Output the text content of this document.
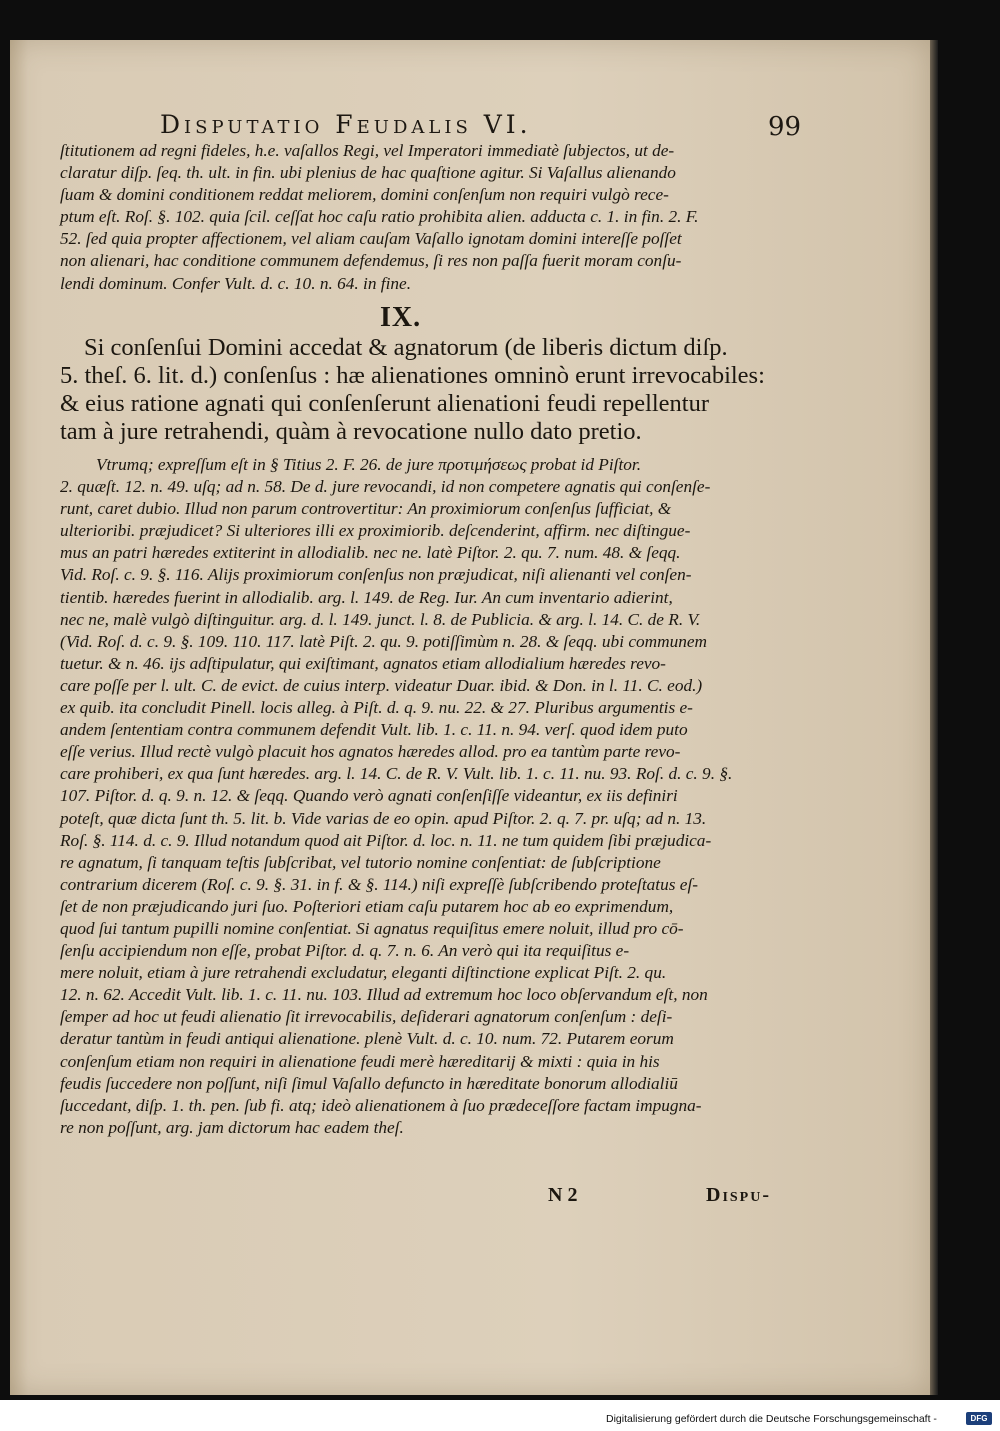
Disputatio Feudalis VI.	99
ſtitutionem ad regni fideles, h.e. vaſallos Regi, vel Imperatori immediatè ſubjectos, ut de-
claratur diſp. ſeq. th. ult. in fin. ubi plenius de hac quaſtione agitur. Si Vaſallus alienando
ſuam & domini conditionem reddat meliorem, domini conſenſum non requiri vulgò rece-
ptum eſt. Roſ. §. 102. quia ſcil. ceſſat hoc caſu ratio prohibita alien. adducta c. 1. in fin. 2. F.
52. ſed quia propter affectionem, vel aliam cauſam Vaſallo ignotam domini intereſſe poſſet
non alienari, hac conditione communem defendemus, ſi res non paſſa fuerit moram conſu-
lendi dominum. Confer Vult. d. c. 10. n. 64. in fine.
IX.
Si conſenſui Domini accedat & agnatorum (de liberis dictum diſp.
5. theſ. 6. lit. d.) conſenſus : hæ alienationes omninò erunt irrevocabiles:
& eius ratione agnati qui conſenſerunt alienationi feudi repellentur
tam à jure retrahendi, quàm à revocatione nullo dato pretio.
Vtrumq; expreſſum eſt in § Titius 2. F. 26. de jure προτιμήσεως probat id Piſtor.
2. quæſt. 12. n. 49. uſq; ad n. 58. De d. jure revocandi, id non competere agnatis qui conſenſe-
runt, caret dubio. Illud non parum controvertitur: An proximiorum conſenſus ſufficiat, &
ulterioribi. præjudicet? Si ulteriores illi ex proximiorib. deſcenderint, affirm. nec diſtingue-
mus an patri hæredes extiterint in allodialib. nec ne. latè Piſtor. 2. qu. 7. num. 48. & ſeqq.
Vid. Roſ. c. 9. §. 116. Alijs proximiorum conſenſus non præjudicat, niſi alienanti vel conſen-
tientib. hæredes fuerint in allodialib. arg. l. 149. de Reg. Iur. An cum inventario adierint,
nec ne, malè vulgò diſtinguitur. arg. d. l. 149. junct. l. 8. de Publicia. & arg. l. 14. C. de R. V.
(Vid. Roſ. d. c. 9. §. 109. 110. 117. latè Piſt. 2. qu. 9. potiſſimùm n. 28. & ſeqq. ubi communem
tuetur. & n. 46. ijs adſtipulatur, qui exiſtimant, agnatos etiam allodialium hæredes revo-
care poſſe per l. ult. C. de evict. de cuius interp. videatur Duar. ibid. & Don. in l. 11. C. eod.)
ex quib. ita concludit Pinell. locis alleg. à Piſt. d. q. 9. nu. 22. & 27. Pluribus argumentis e-
andem ſententiam contra communem defendit Vult. lib. 1. c. 11. n. 94. verſ. quod idem puto
eſſe verius. Illud rectè vulgò placuit hos agnatos hæredes allod. pro ea tantùm parte revo-
care prohiberi, ex qua ſunt hæredes. arg. l. 14. C. de R. V. Vult. lib. 1. c. 11. nu. 93. Roſ. d. c. 9. §.
107. Piſtor. d. q. 9. n. 12. & ſeqq. Quando verò agnati conſenſiſſe videantur, ex iis definiri
poteſt, quæ dicta ſunt th. 5. lit. b. Vide varias de eo opin. apud Piſtor. 2. q. 7. pr. uſq; ad n. 13.
Roſ. §. 114. d. c. 9. Illud notandum quod ait Piſtor. d. loc. n. 11. ne tum quidem ſibi præjudica-
re agnatum, ſi tanquam teſtis ſubſcribat, vel tutorio nomine conſentiat: de ſubſcriptione
contrarium dicerem (Roſ. c. 9. §. 31. in f. & §. 114.) niſi expreſſè ſubſcribendo proteſtatus eſ-
ſet de non præjudicando juri ſuo. Poſteriori etiam caſu putarem hoc ab eo exprimendum,
quod ſui tantum pupilli nomine conſentiat. Si agnatus requiſitus emere noluit, illud pro cō-
ſenſu accipiendum non eſſe, probat Piſtor. d. q. 7. n. 6. An verò qui ita requiſitus e-
mere noluit, etiam à jure retrahendi excludatur, eleganti diſtinctione explicat Piſt. 2. qu.
12. n. 62. Accedit Vult. lib. 1. c. 11. nu. 103. Illud ad extremum hoc loco obſervandum eſt, non
ſemper ad hoc ut feudi alienatio ſit irrevocabilis, deſiderari agnatorum conſenſum : deſi-
deratur tantùm in feudi antiqui alienatione. plenè Vult. d. c. 10. num. 72. Putarem eorum
conſenſum etiam non requiri in alienatione feudi merè hæreditarij & mixti : quia in his
feudis ſuccedere non poſſunt, niſi ſimul Vaſallo defuncto in hæreditate bonorum allodialiū
ſuccedant, diſp. 1. th. pen. ſub fi. atq; ideò alienationem à ſuo prædeceſſore factam impugna-
re non poſſunt, arg. jam dictorum hac eadem theſ.
N 2	Dispu-
Digitalisierung gefördert durch die Deutsche Forschungsgemeinschaft -	DFG
